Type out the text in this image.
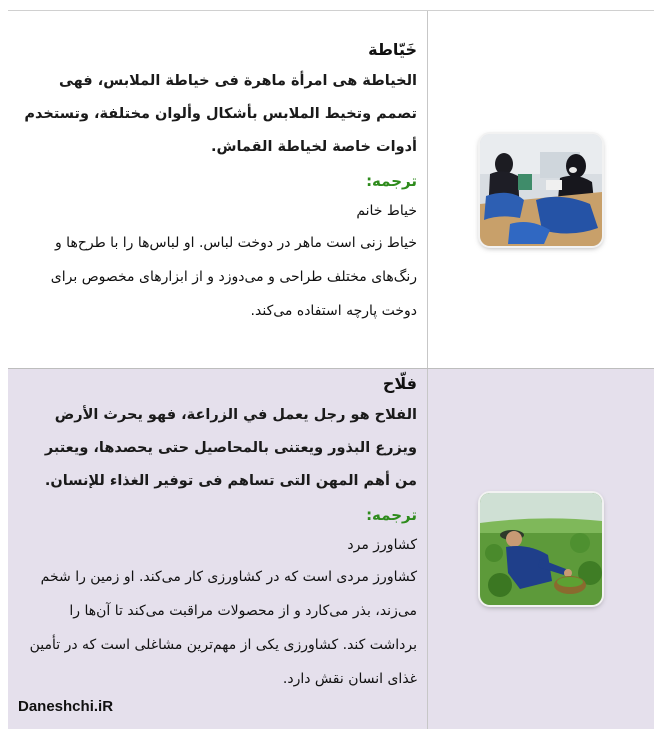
خَيّاطة
الخياطة هی امرأة ماهرة فی خياطة الملابس، فهی تصمم وتخيط الملابس بأشكال وألوان مختلفة، وتستخدم أدوات خاصة لخياطة القماش.
ترجمه:
خیاط خانم
خیاط زنی است ماهر در دوخت لباس. او لباس‌ها را با طرح‌ها و رنگ‌های مختلف طراحی و می‌دوزد و از ابزارهای مخصوص برای دوخت پارچه استفاده می‌کند.
فلّاح
الفلاح هو رجل يعمل في الزراعة، فهو يحرث الأرض ويزرع البذور ويعتنى بالمحاصيل حتى يحصدها، ويعتبر من أهم المهن التى تساهم فی توفير الغذاء للإنسان.
ترجمه:
کشاورز مرد
کشاورز مردی است که در کشاورزی کار می‌کند. او زمین را شخم می‌زند، بذر می‌کارد و از محصولات مراقبت می‌کند تا آن‌ها را برداشت کند. کشاورزی یکی از مهم‌ترین مشاغلی است که در تأمین غذای انسان نقش دارد.
Daneshchi.iR
